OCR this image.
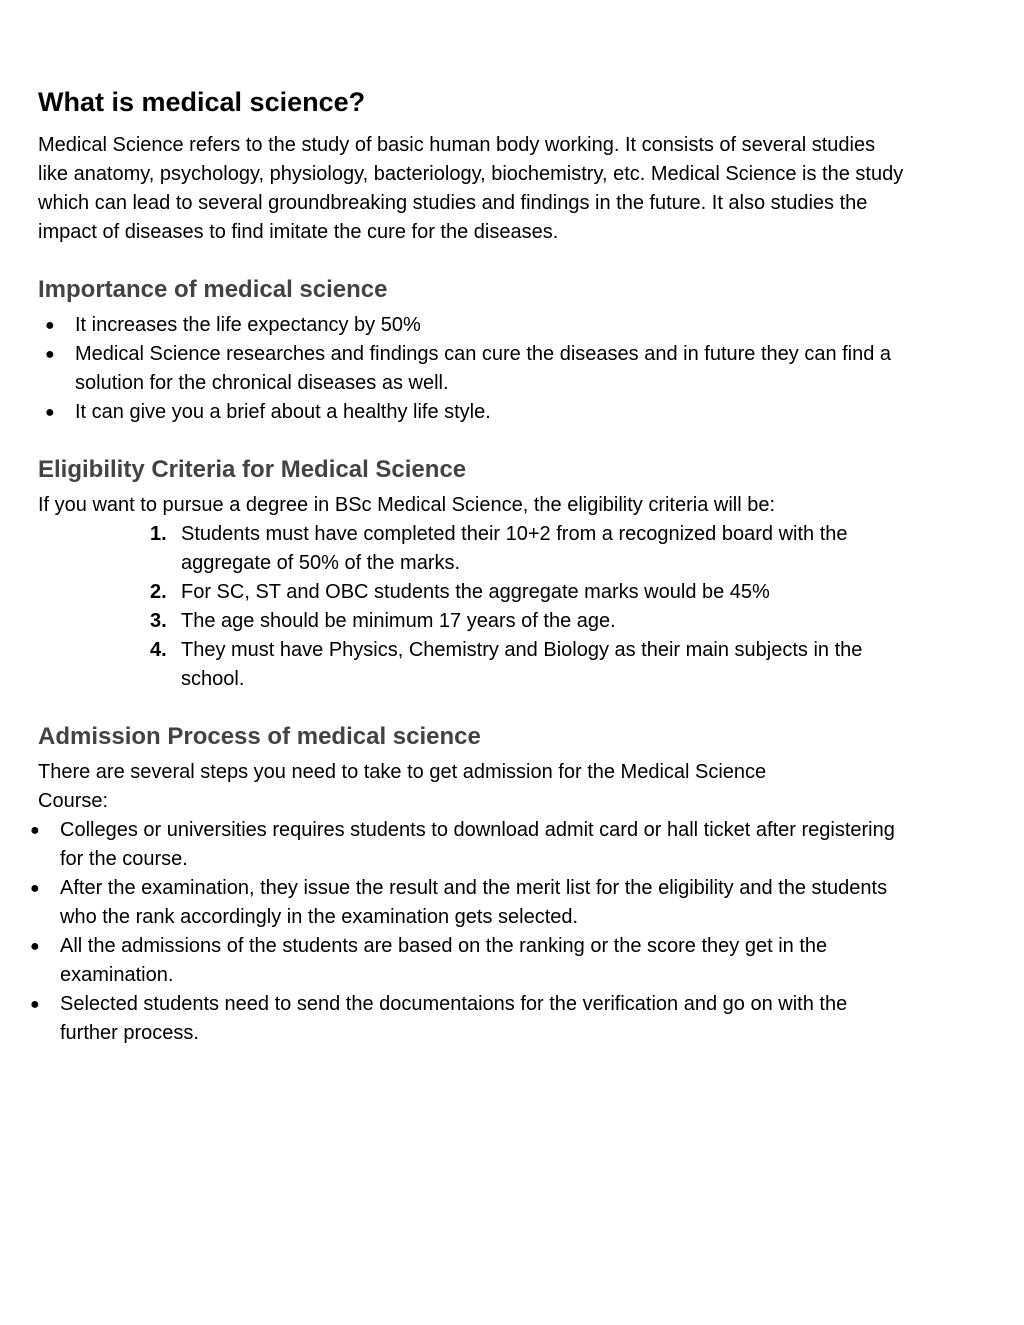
What is medical science?

Medical Science refers to the study of basic human body working. It consists of several studies like anatomy, psychology, physiology, bacteriology, biochemistry, etc. Medical Science is the study which can lead to several groundbreaking studies and findings in the future. It also studies the impact of diseases to find imitate the cure for the diseases.

Importance of medical science
● It increases the life expectancy by 50%
● Medical Science researches and findings can cure the diseases and in future they can find a solution for the chronical diseases as well.
● It can give you a brief about a healthy life style.
Eligibility Criteria for Medical Science

If you want to pursue a degree in BSc Medical Science, the eligibility criteria will be:

1. Students must have completed their 10+2 from a recognized board with the aggregate of 50% of the marks.
2. For SC, ST and OBC students the aggregate marks would be 45%
3. The age should be minimum 17 years of the age.
4. They must have Physics, Chemistry and Biology as their main subjects in the school.
Admission Process of medical science

There are several steps you need to take to get admission for the Medical Science Course:

● Colleges or universities requires students to download admit card or hall ticket after registering for the course.
● After the examination, they issue the result and the merit list for the eligibility and the students who the rank accordingly in the examination gets selected.
● All the admissions of the students are based on the ranking or the score they get in the examination.
● Selected students need to send the documentaions for the verification and go on with the further process.
